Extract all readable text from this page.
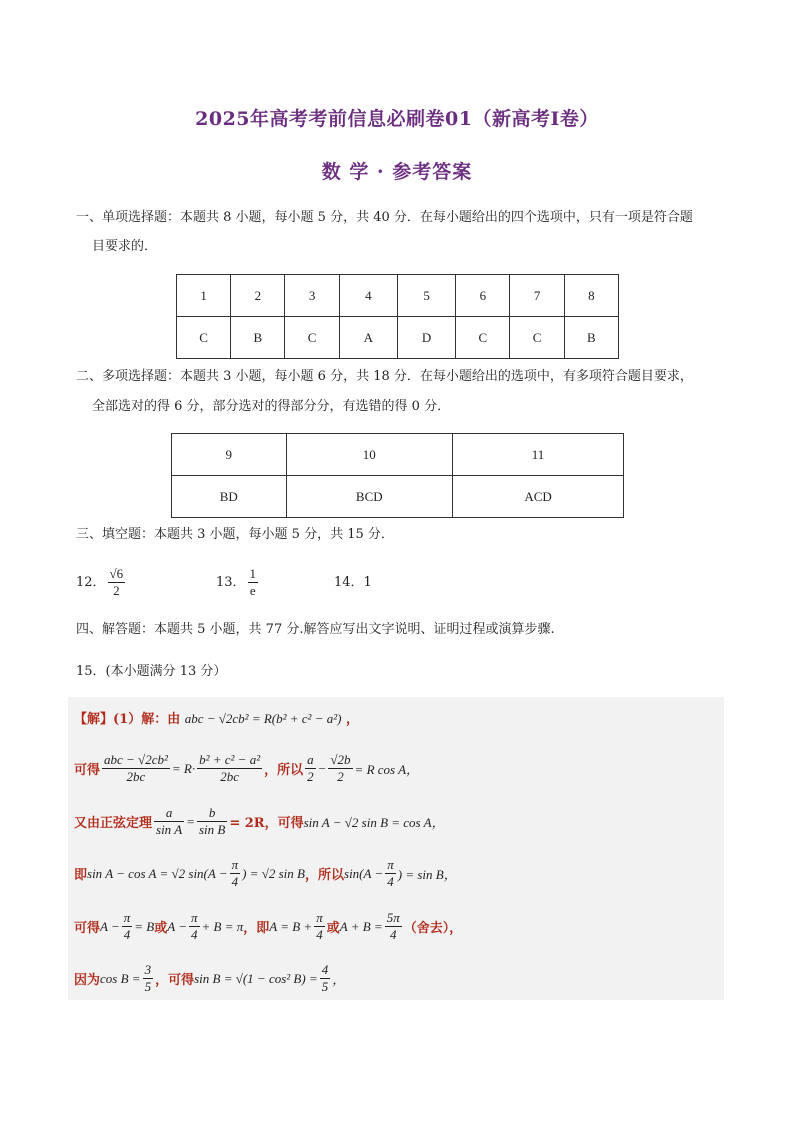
2025年高考考前信息必刷卷01（新高考Ⅰ卷）
数 学 · 参考答案
一、单项选择题：本题共 8 小题，每小题 5 分，共 40 分．在每小题给出的四个选项中，只有一项是符合题
目要求的．
1	2	3	4	5	6	7	8
C	B	C	A	D	C	C	B
二、多项选择题：本题共 3 小题，每小题 6 分，共 18 分．在每小题给出的选项中，有多项符合题目要求，
全部选对的得 6 分，部分选对的得部分分，有选错的得 0 分．
9	10	11
BD	BCD	ACD
三、填空题：本题共 3 小题，每小题 5 分，共 15 分．
12． $\frac{√6}{2}$	13． $\frac{1}{e}$	14．1
四、解答题：本题共 5 小题，共 77 分.解答应写出文字说明、证明过程或演算步骤.
15．(本小题满分 13 分）
【解】(1）解：由 abc − √2cb² = R(b² + c² − a²) ，
可得 $\frac{\text{abc − √2cb²}}{2bc} = R\cdot \frac{\text{b² + c² − a²}}{2bc}$ ，所以 $\frac{a}{2} - \frac{√2b}{2} = R$ cos A，
又由正弦定理 $\frac{a}{\text{sin A}} = \frac{b}{\text{sin B}} = 2R$，可得 sin A − √2 sin B = cos A，
即 sin A − cos A = √2 $\sin(A - \frac{\pi}{4}$ ) = √2 sin B ，所以 $\sin(A - \frac{\pi}{4}$ ) = sin B，
可得 $A - \frac{\pi}{4} = B$ 或 $A - \frac{\pi}{4} + B = \pi$ ，即 $A = B + \frac{\pi}{4}$ 或 $A + B = \frac{5\pi}{4}$ （舍去），
因为 $\cos B = \frac{3}{5}$ ，可得 sin B = √(1 − cos² $B) = \frac{4}{5}$ ，
